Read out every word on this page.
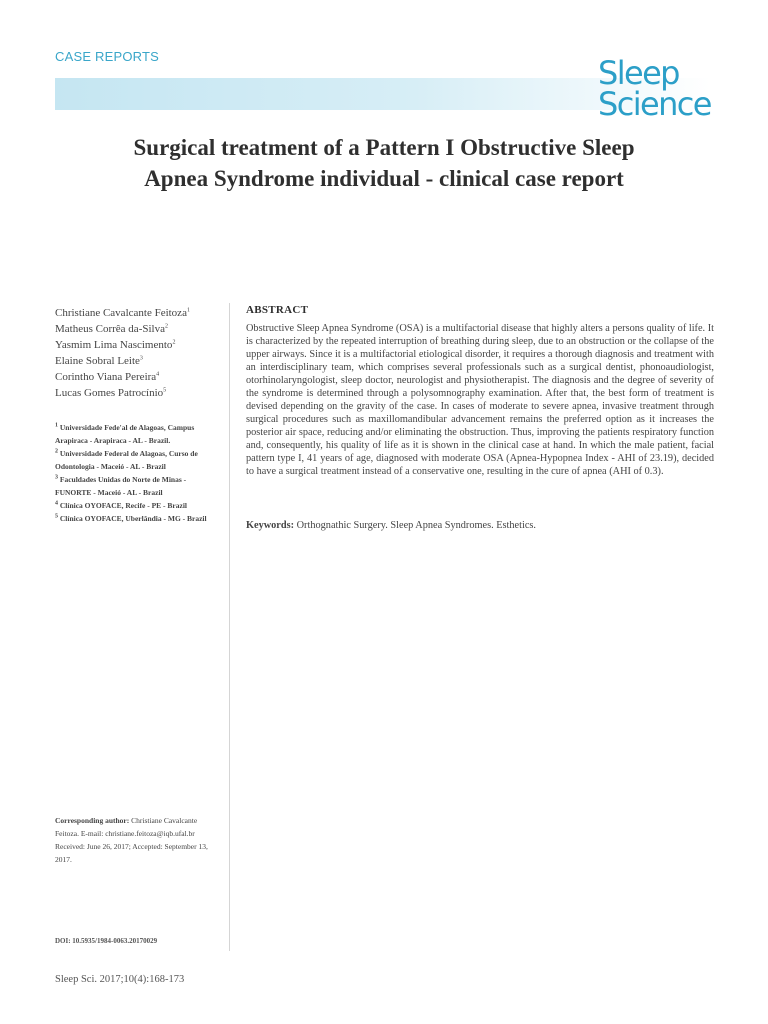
CASE REPORTS	Sleep
Science
Surgical treatment of a Pattern I Obstructive Sleep Apnea Syndrome individual - clinical case report
Christiane Cavalcante Feitoza$^1$
Matheus Corrêa da-Silva$^2$
Yasmim Lima Nascimento$^2$
Elaine Sobral Leite$^3$
Corintho Viana Pereira$^4$
Lucas Gomes Patrocínio$^5$
$^1$ Universidade Fede'al de Alagoas, Campus Arapiraca - Arapiraca - AL - Brazil.
$^2$ Universidade Federal de Alagoas, Curso de Odontologia - Maceió - AL - Brazil
$^3$ Faculdades Unidas do Norte de Minas - FUNORTE - Maceió - AL - Brazil
$^4$ Clínica OYOFACE, Recife - PE - Brazil
$^5$ Clínica OYOFACE, Uberlândia - MG - Brazil
Corresponding author: Christiane Cavalcante Feitoza. E-mail: christiane.feitoza@iqb.ufal.br
Received: June 26, 2017; Accepted: September 13, 2017.
DOI: 10.5935/1984-0063.20170029
Sleep Sci. 2017;10(4):168-173
ABSTRACT

Obstructive Sleep Apnea Syndrome (OSA) is a multifactorial disease that highly alters a persons quality of life. It is characterized by the repeated interruption of breathing during sleep, due to an obstruction or the collapse of the upper airways. Since it is a multifactorial etiological disorder, it requires a thorough diagnosis and treatment with an interdisciplinary team, which comprises several professionals such as a surgical dentist, phonoaudiologist, otorhinolaryngologist, sleep doctor, neurologist and physiotherapist. The diagnosis and the degree of severity of the syndrome is determined through a polysomnography examination. After that, the best form of treatment is devised depending on the gravity of the case. In cases of moderate to severe apnea, invasive treatment through surgical procedures such as maxillomandibular advancement remains the preferred option as it increases the posterior air space, reducing and/or eliminating the obstruction. Thus, improving the patients respiratory function and, consequently, his quality of life as it is shown in the clinical case at hand. In which the male patient, facial pattern type I, 41 years of age, diagnosed with moderate OSA (Apnea-Hypopnea Index - AHI of 23.19), decided to have a surgical treatment instead of a conservative one, resulting in the cure of apnea (AHI of 0.3).

Keywords: Orthognathic Surgery. Sleep Apnea Syndromes. Esthetics.
